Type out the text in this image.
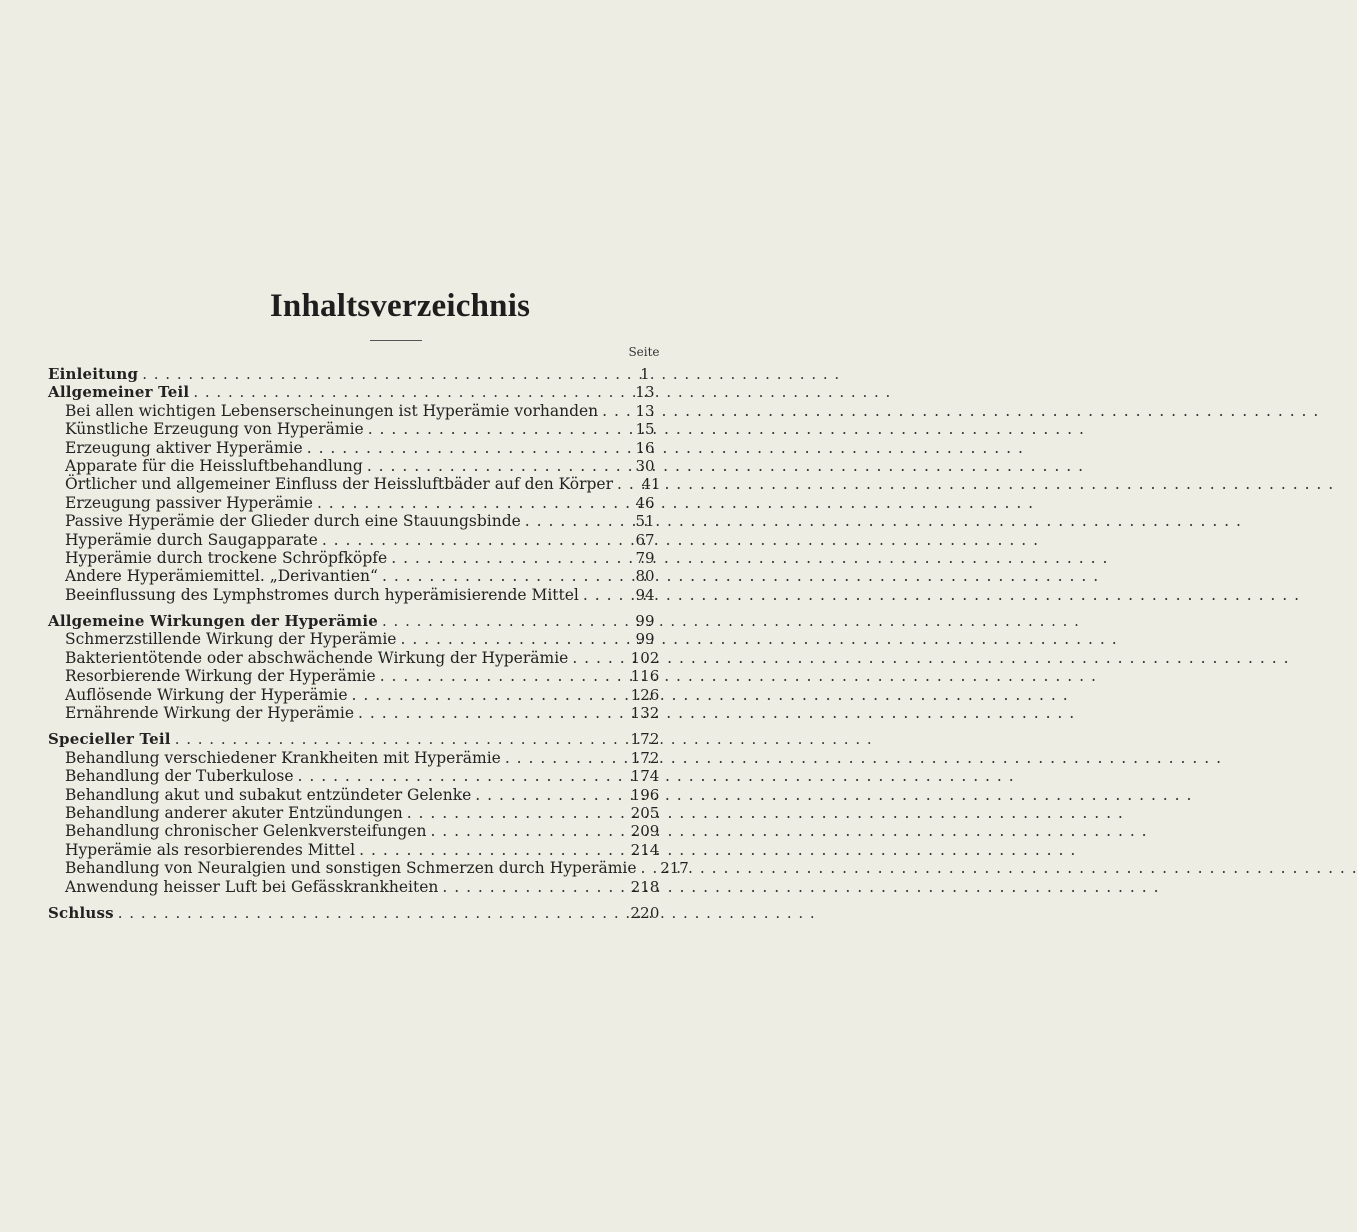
Inhaltsverzeichnis
Seite
Einleitung . . .	1
Allgemeiner Teil . . .	13
Bei allen wichtigen Lebenserscheinungen ist Hyperämie vorhanden . . .	13
Künstliche Erzeugung von Hyperämie . . .	15
Erzeugung aktiver Hyperämie . . .	16
Apparate für die Heissluftbehandlung . . .	30
Örtlicher und allgemeiner Einfluss der Heissluftbäder auf den Körper . . .	41
Erzeugung passiver Hyperämie . . .	46
Passive Hyperämie der Glieder durch eine Stauungsbinde . . .	51
Hyperämie durch Saugapparate . . .	67
Hyperämie durch trockene Schröpfköpfe . . .	79
Andere Hyperämiemittel. „Derivantien“ . . .	80
Beeinflussung des Lymphstromes durch hyperämisierende Mittel . . .	94
Allgemeine Wirkungen der Hyperämie . . .	99
Schmerzstillende Wirkung der Hyperämie . . .	99
Bakterientötende oder abschwächende Wirkung der Hyperämie . . .	102
Resorbierende Wirkung der Hyperämie . . .	116
Auflösende Wirkung der Hyperämie . . .	126
Ernährende Wirkung der Hyperämie . . .	132
Specieller Teil . . .	172
Behandlung verschiedener Krankheiten mit Hyperämie . . .	172
Behandlung der Tuberkulose . . .	174
Behandlung akut und subakut entzündeter Gelenke . . .	196
Behandlung anderer akuter Entzündungen . . .	205
Behandlung chronischer Gelenkversteifungen . . .	209
Hyperämie als resorbierendes Mittel . . .	214
Behandlung von Neuralgien und sonstigen Schmerzen durch Hyperämie . . .	217
Anwendung heisser Luft bei Gefässkrankheiten . . .	218
Schluss . . .	220
